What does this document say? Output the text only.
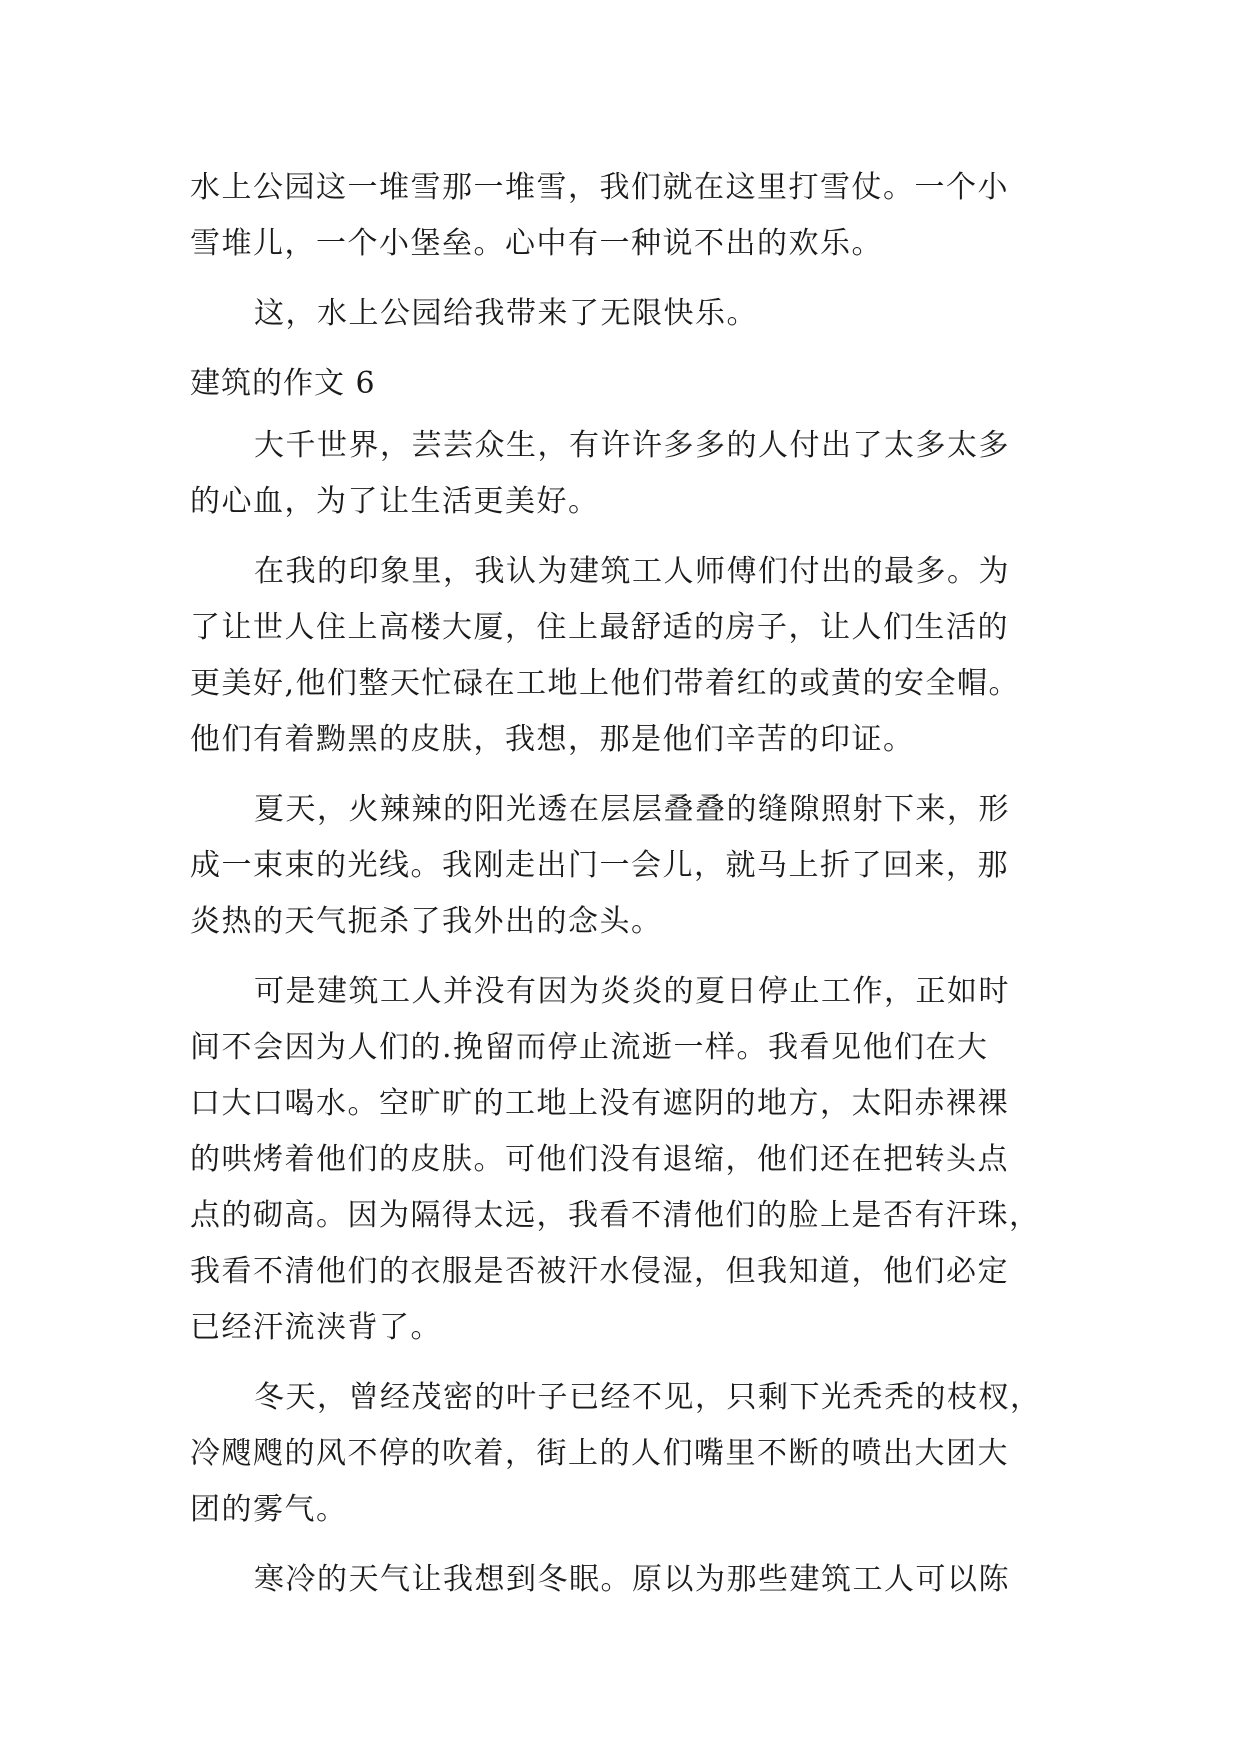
水上公园这一堆雪那一堆雪，我们就在这里打雪仗。一个小
雪堆儿，一个小堡垒。心中有一种说不出的欢乐。
这，水上公园给我带来了无限快乐。
建筑的作文 6
大千世界，芸芸众生，有许许多多的人付出了太多太多
的心血，为了让生活更美好。
在我的印象里，我认为建筑工人师傅们付出的最多。为
了让世人住上高楼大厦，住上最舒适的房子，让人们生活的
更美好,他们整天忙碌在工地上他们带着红的或黄的安全帽。
他们有着黝黑的皮肤，我想，那是他们辛苦的印证。
夏天，火辣辣的阳光透在层层叠叠的缝隙照射下来，形
成一束束的光线。我刚走出门一会儿，就马上折了回来，那
炎热的天气扼杀了我外出的念头。
可是建筑工人并没有因为炎炎的夏日停止工作，正如时
间不会因为人们的.挽留而停止流逝一样。我看见他们在大
口大口喝水。空旷旷的工地上没有遮阴的地方，太阳赤裸裸
的哄烤着他们的皮肤。可他们没有退缩，他们还在把转头点
点的砌高。因为隔得太远，我看不清他们的脸上是否有汗珠，
我看不清他们的衣服是否被汗水侵湿，但我知道，他们必定
已经汗流浃背了。
冬天，曾经茂密的叶子已经不见，只剩下光秃秃的枝杈，
冷飕飕的风不停的吹着，街上的人们嘴里不断的喷出大团大
团的雾气。
寒冷的天气让我想到冬眠。原以为那些建筑工人可以陈
